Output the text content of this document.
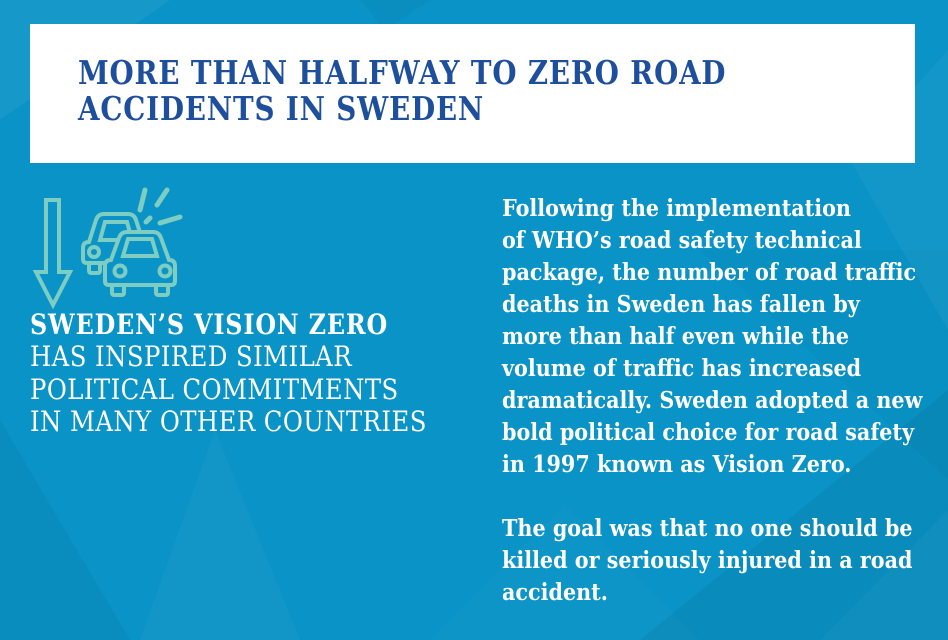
MORE THAN HALFWAY TO ZERO ROAD
ACCIDENTS IN SWEDEN
SWEDEN’S VISION ZERO
HAS INSPIRED SIMILAR
POLITICAL COMMITMENTS
IN MANY OTHER COUNTRIES
Following the implementation
of WHO’s road safety technical
package, the number of road traffic
deaths in Sweden has fallen by
more than half even while the
volume of traffic has increased
dramatically. Sweden adopted a new
bold political choice for road safety
in 1997 known as Vision Zero.
The goal was that no one should be
killed or seriously injured in a road
accident.
